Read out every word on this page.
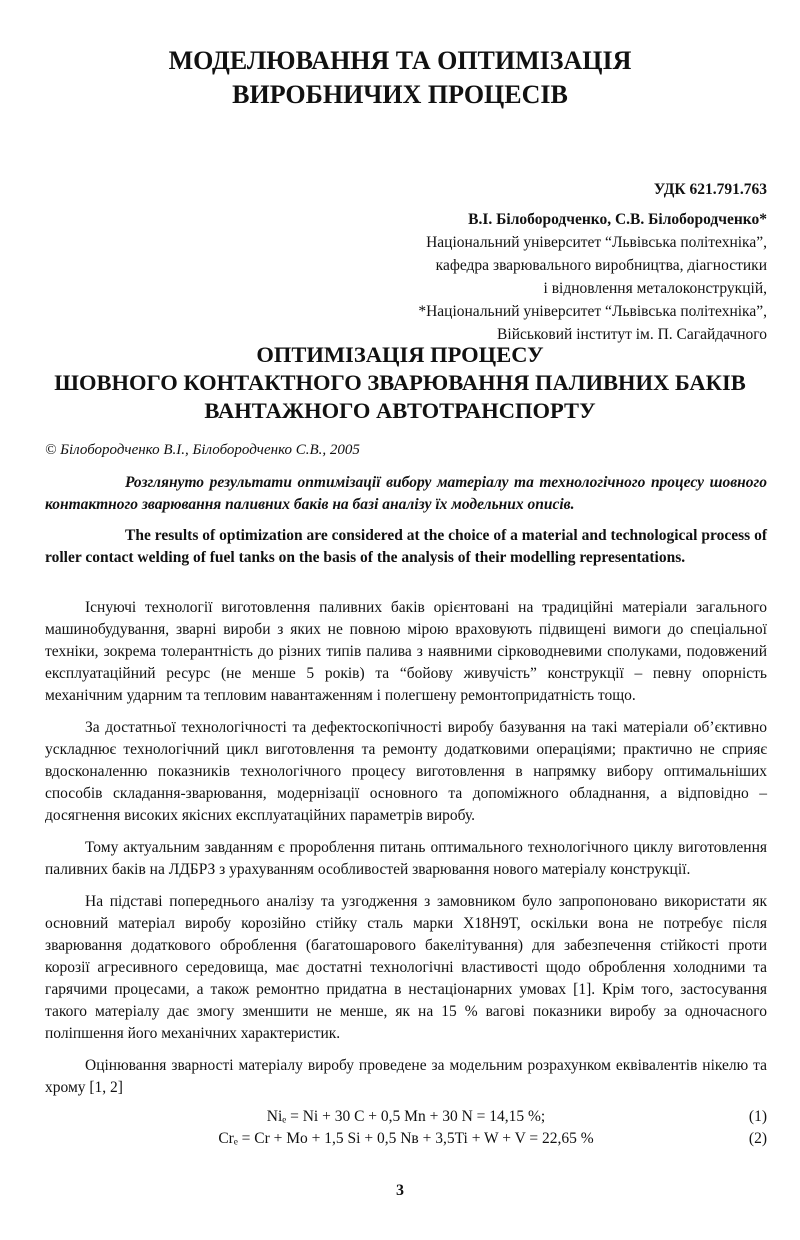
МОДЕЛЮВАННЯ ТА ОПТИМІЗАЦІЯ
ВИРОБНИЧИХ ПРОЦЕСІВ
УДК 621.791.763
В.І. Білобородченко, С.В. Білобородченко*
Національний університет “Львівська політехніка”,
кафедра зварювального виробництва, діагностики
і відновлення металоконструкцій,
*Національний університет “Львівська політехніка”,
Військовий інститут ім. П. Сагайдачного
ОПТИМІЗАЦІЯ ПРОЦЕСУ
ШОВНОГО КОНТАКТНОГО ЗВАРЮВАННЯ ПАЛИВНИХ БАКІВ
ВАНТАЖНОГО АВТОТРАНСПОРТУ
© Білобородченко В.І., Білобородченко С.В., 2005
Розглянуто результати оптимізації вибору матеріалу та технологічного процесу шовного контактного зварювання паливних баків на базі аналізу їх модельних описів.
The results of optimization are considered at the choice of a material and technological process of roller contact welding of fuel tanks on the basis of the analysis of their modelling representations.

Існуючі технології виготовлення паливних баків орієнтовані на традиційні матеріали загального машинобудування, зварні вироби з яких не повною мірою враховують підвищені вимоги до спеціальної техніки, зокрема толерантність до різних типів палива з наявними сірководневими сполуками, подовжений експлуатаційний ресурс (не менше 5 років) та “бойову живучість” конструкції – певну опорність механічним ударним та тепловим навантаженням і полегшену ремонтопридатність тощо.

За достатньої технологічності та дефектоскопічності виробу базування на такі матеріали об’єктивно ускладнює технологічний цикл виготовлення та ремонту додатковими операціями; практично не сприяє вдосконаленню показників технологічного процесу виготовлення в напрямку вибору оптимальніших способів складання-зварювання, модернізації основного та допоміжного обладнання, а відповідно – досягнення високих якісних експлуатаційних параметрів виробу.

Тому актуальним завданням є пророблення питань оптимального технологічного циклу виготовлення паливних баків на ЛДБРЗ з урахуванням особливостей зварювання нового матеріалу конструкції.

На підставі попереднього аналізу та узгодження з замовником було запропоновано використати як основний матеріал виробу корозійно стійку сталь марки Х18Н9Т, оскільки вона не потребує після зварювання додаткового оброблення (багатошарового бакелітування) для забезпечення стійкості проти корозії агресивного середовища, має достатні технологічні властивості щодо оброблення холодними та гарячими процесами, а також ремонтно придатна в нестаціонарних умовах [1]. Крім того, застосування такого матеріалу дає змогу зменшити не менше, як на 15 % вагові показники виробу за одночасного поліпшення його механічних характеристик.

Оцінювання зварності матеріалу виробу проведене за модельним розрахунком еквівалентів нікелю та хрому [1, 2]

Niₑ = Ni + 30 C + 0,5 Mn + 30 N = 14,15 %;	(1)
Crₑ = Cr + Mo + 1,5 Si + 0,5 Nв + 3,5Ti + W + V = 22,65 %	(2)
3
